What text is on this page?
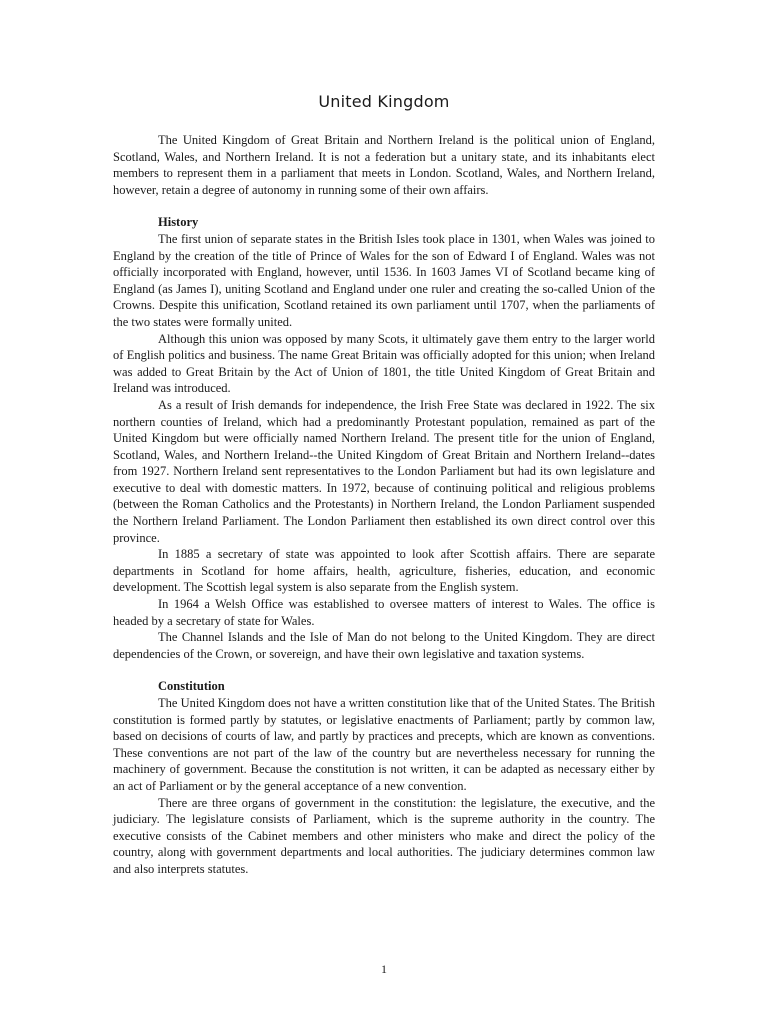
United Kingdom

The United Kingdom of Great Britain and Northern Ireland is the political union of England, Scotland, Wales, and Northern Ireland. It is not a federation but a unitary state, and its inhabitants elect members to represent them in a parliament that meets in London. Scotland, Wales, and Northern Ireland, however, retain a degree of autonomy in running some of their own affairs.

History

The first union of separate states in the British Isles took place in 1301, when Wales was joined to England by the creation of the title of Prince of Wales for the son of Edward I of England. Wales was not officially incorporated with England, however, until 1536. In 1603 James VI of Scotland became king of England (as James I), uniting Scotland and England under one ruler and creating the so-called Union of the Crowns. Despite this unification, Scotland retained its own parliament until 1707, when the parliaments of the two states were formally united.

Although this union was opposed by many Scots, it ultimately gave them entry to the larger world of English politics and business. The name Great Britain was officially adopted for this union; when Ireland was added to Great Britain by the Act of Union of 1801, the title United Kingdom of Great Britain and Ireland was introduced.

As a result of Irish demands for independence, the Irish Free State was declared in 1922. The six northern counties of Ireland, which had a predominantly Protestant population, remained as part of the United Kingdom but were officially named Northern Ireland. The present title for the union of England, Scotland, Wales, and Northern Ireland--the United Kingdom of Great Britain and Northern Ireland--dates from 1927. Northern Ireland sent representatives to the London Parliament but had its own legislature and executive to deal with domestic matters. In 1972, because of continuing political and religious problems (between the Roman Catholics and the Protestants) in Northern Ireland, the London Parliament suspended the Northern Ireland Parliament. The London Parliament then established its own direct control over this province.

In 1885 a secretary of state was appointed to look after Scottish affairs. There are separate departments in Scotland for home affairs, health, agriculture, fisheries, education, and economic development. The Scottish legal system is also separate from the English system.

In 1964 a Welsh Office was established to oversee matters of interest to Wales. The office is headed by a secretary of state for Wales.

The Channel Islands and the Isle of Man do not belong to the United Kingdom. They are direct dependencies of the Crown, or sovereign, and have their own legislative and taxation systems.

Constitution

The United Kingdom does not have a written constitution like that of the United States. The British constitution is formed partly by statutes, or legislative enactments of Parliament; partly by common law, based on decisions of courts of law, and partly by practices and precepts, which are known as conventions. These conventions are not part of the law of the country but are nevertheless necessary for running the machinery of government. Because the constitution is not written, it can be adapted as necessary either by an act of Parliament or by the general acceptance of a new convention.

There are three organs of government in the constitution: the legislature, the executive, and the judiciary. The legislature consists of Parliament, which is the supreme authority in the country. The executive consists of the Cabinet members and other ministers who make and direct the policy of the country, along with government departments and local authorities. The judiciary determines common law and also interprets statutes.

1
